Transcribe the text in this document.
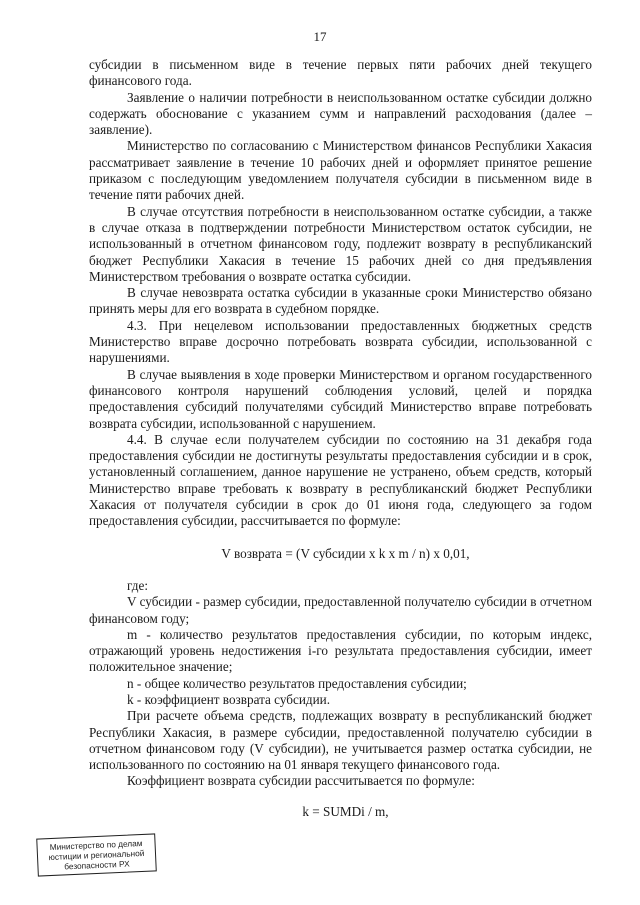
17

субсидии в письменном виде в течение первых пяти рабочих дней текущего финансового года.

Заявление о наличии потребности в неиспользованном остатке субсидии должно содержать обоснование с указанием сумм и направлений расходования (далее – заявление).

Министерство по согласованию с Министерством финансов Республики Хакасия рассматривает заявление в течение 10 рабочих дней и оформляет принятое решение приказом с последующим уведомлением получателя субсидии в письменном виде в течение пяти рабочих дней.

В случае отсутствия потребности в неиспользованном остатке субсидии, а также в случае отказа в подтверждении потребности Министерством остаток субсидии, не использованный в отчетном финансовом году, подлежит возврату в республиканский бюджет Республики Хакасия в течение 15 рабочих дней со дня предъявления Министерством требования о возврате остатка субсидии.

В случае невозврата остатка субсидии в указанные сроки Министерство обязано принять меры для его возврата в судебном порядке.

4.3. При нецелевом использовании предоставленных бюджетных средств Министерство вправе досрочно потребовать возврата субсидии, использованной с нарушениями.

В случае выявления в ходе проверки Министерством и органом государственного финансового контроля нарушений соблюдения условий, целей и порядка предоставления субсидий получателями субсидий Министерство вправе потребовать возврата субсидии, использованной с нарушением.

4.4. В случае если получателем субсидии по состоянию на 31 декабря года предоставления субсидии не достигнуты результаты предоставления субсидии и в срок, установленный соглашением, данное нарушение не устранено, объем средств, который Министерство вправе требовать к возврату в республиканский бюджет Республики Хакасия от получателя субсидии в срок до 01 июня года, следующего за годом предоставления субсидии, рассчитывается по формуле:

V возврата = (V субсидии х k х m / n) х 0,01,

где:

V субсидии - размер субсидии, предоставленной получателю субсидии в отчетном финансовом году;

m - количество результатов предоставления субсидии, по которым индекс, отражающий уровень недостижения i-го результата предоставления субсидии, имеет положительное значение;

n - общее количество результатов предоставления субсидии;

k - коэффициент возврата субсидии.

При расчете объема средств, подлежащих возврату в республиканский бюджет Республики Хакасия, в размере субсидии, предоставленной получателю субсидии в отчетном финансовом году (V субсидии), не учитывается размер остатка субсидии, не использованного по состоянию на 01 января текущего финансового года.

Коэффициент возврата субсидии рассчитывается по формуле:

k = SUMDi / m,
Министерство по делам
юстиции и региональной
безопасности РХ
